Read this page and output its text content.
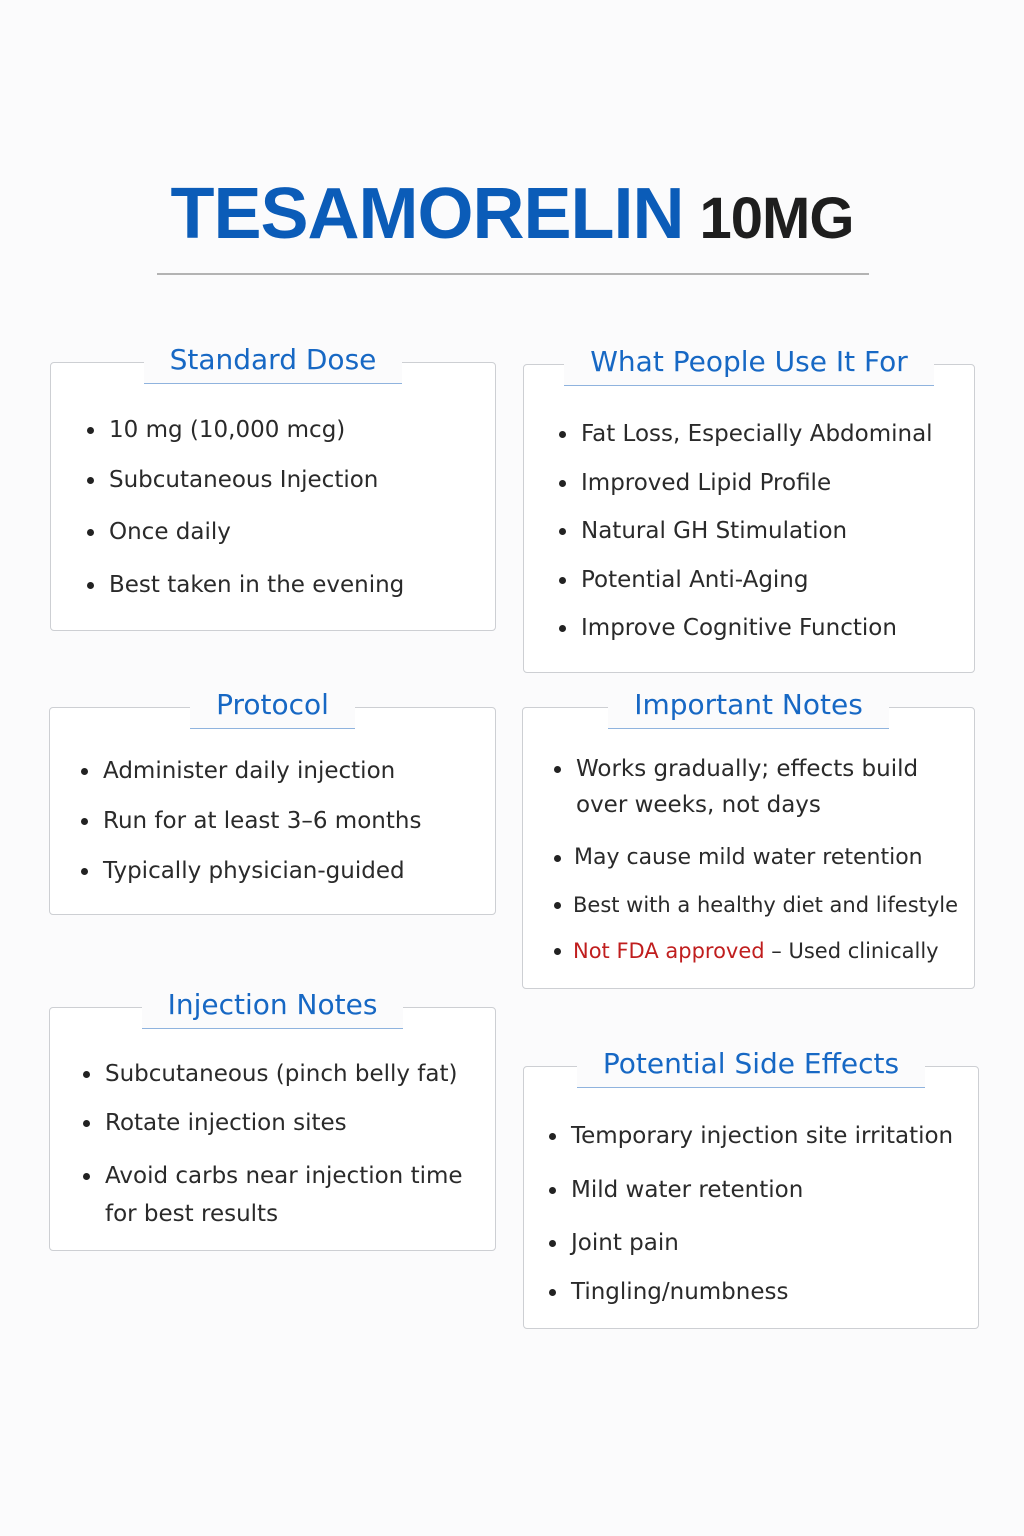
TESAMORELIN 10MG
Standard Dose
10 mg (10,000 mcg)
Subcutaneous Injection
Once daily
Best taken in the evening
What People Use It For
Fat Loss, Especially Abdominal
Improved Lipid Profile
Natural GH Stimulation
Potential Anti-Aging
Improve Cognitive Function
Protocol
Administer daily injection
Run for at least 3–6 months
Typically physician-guided
Important Notes
Works gradually; effects build
over weeks, not days
May cause mild water retention
Best with a healthy diet and lifestyle
Not FDA approved – Used clinically
Injection Notes
Subcutaneous (pinch belly fat)
Rotate injection sites
Avoid carbs near injection time
for best results
Potential Side Effects
Temporary injection site irritation
Mild water retention
Joint pain
Tingling/numbness
